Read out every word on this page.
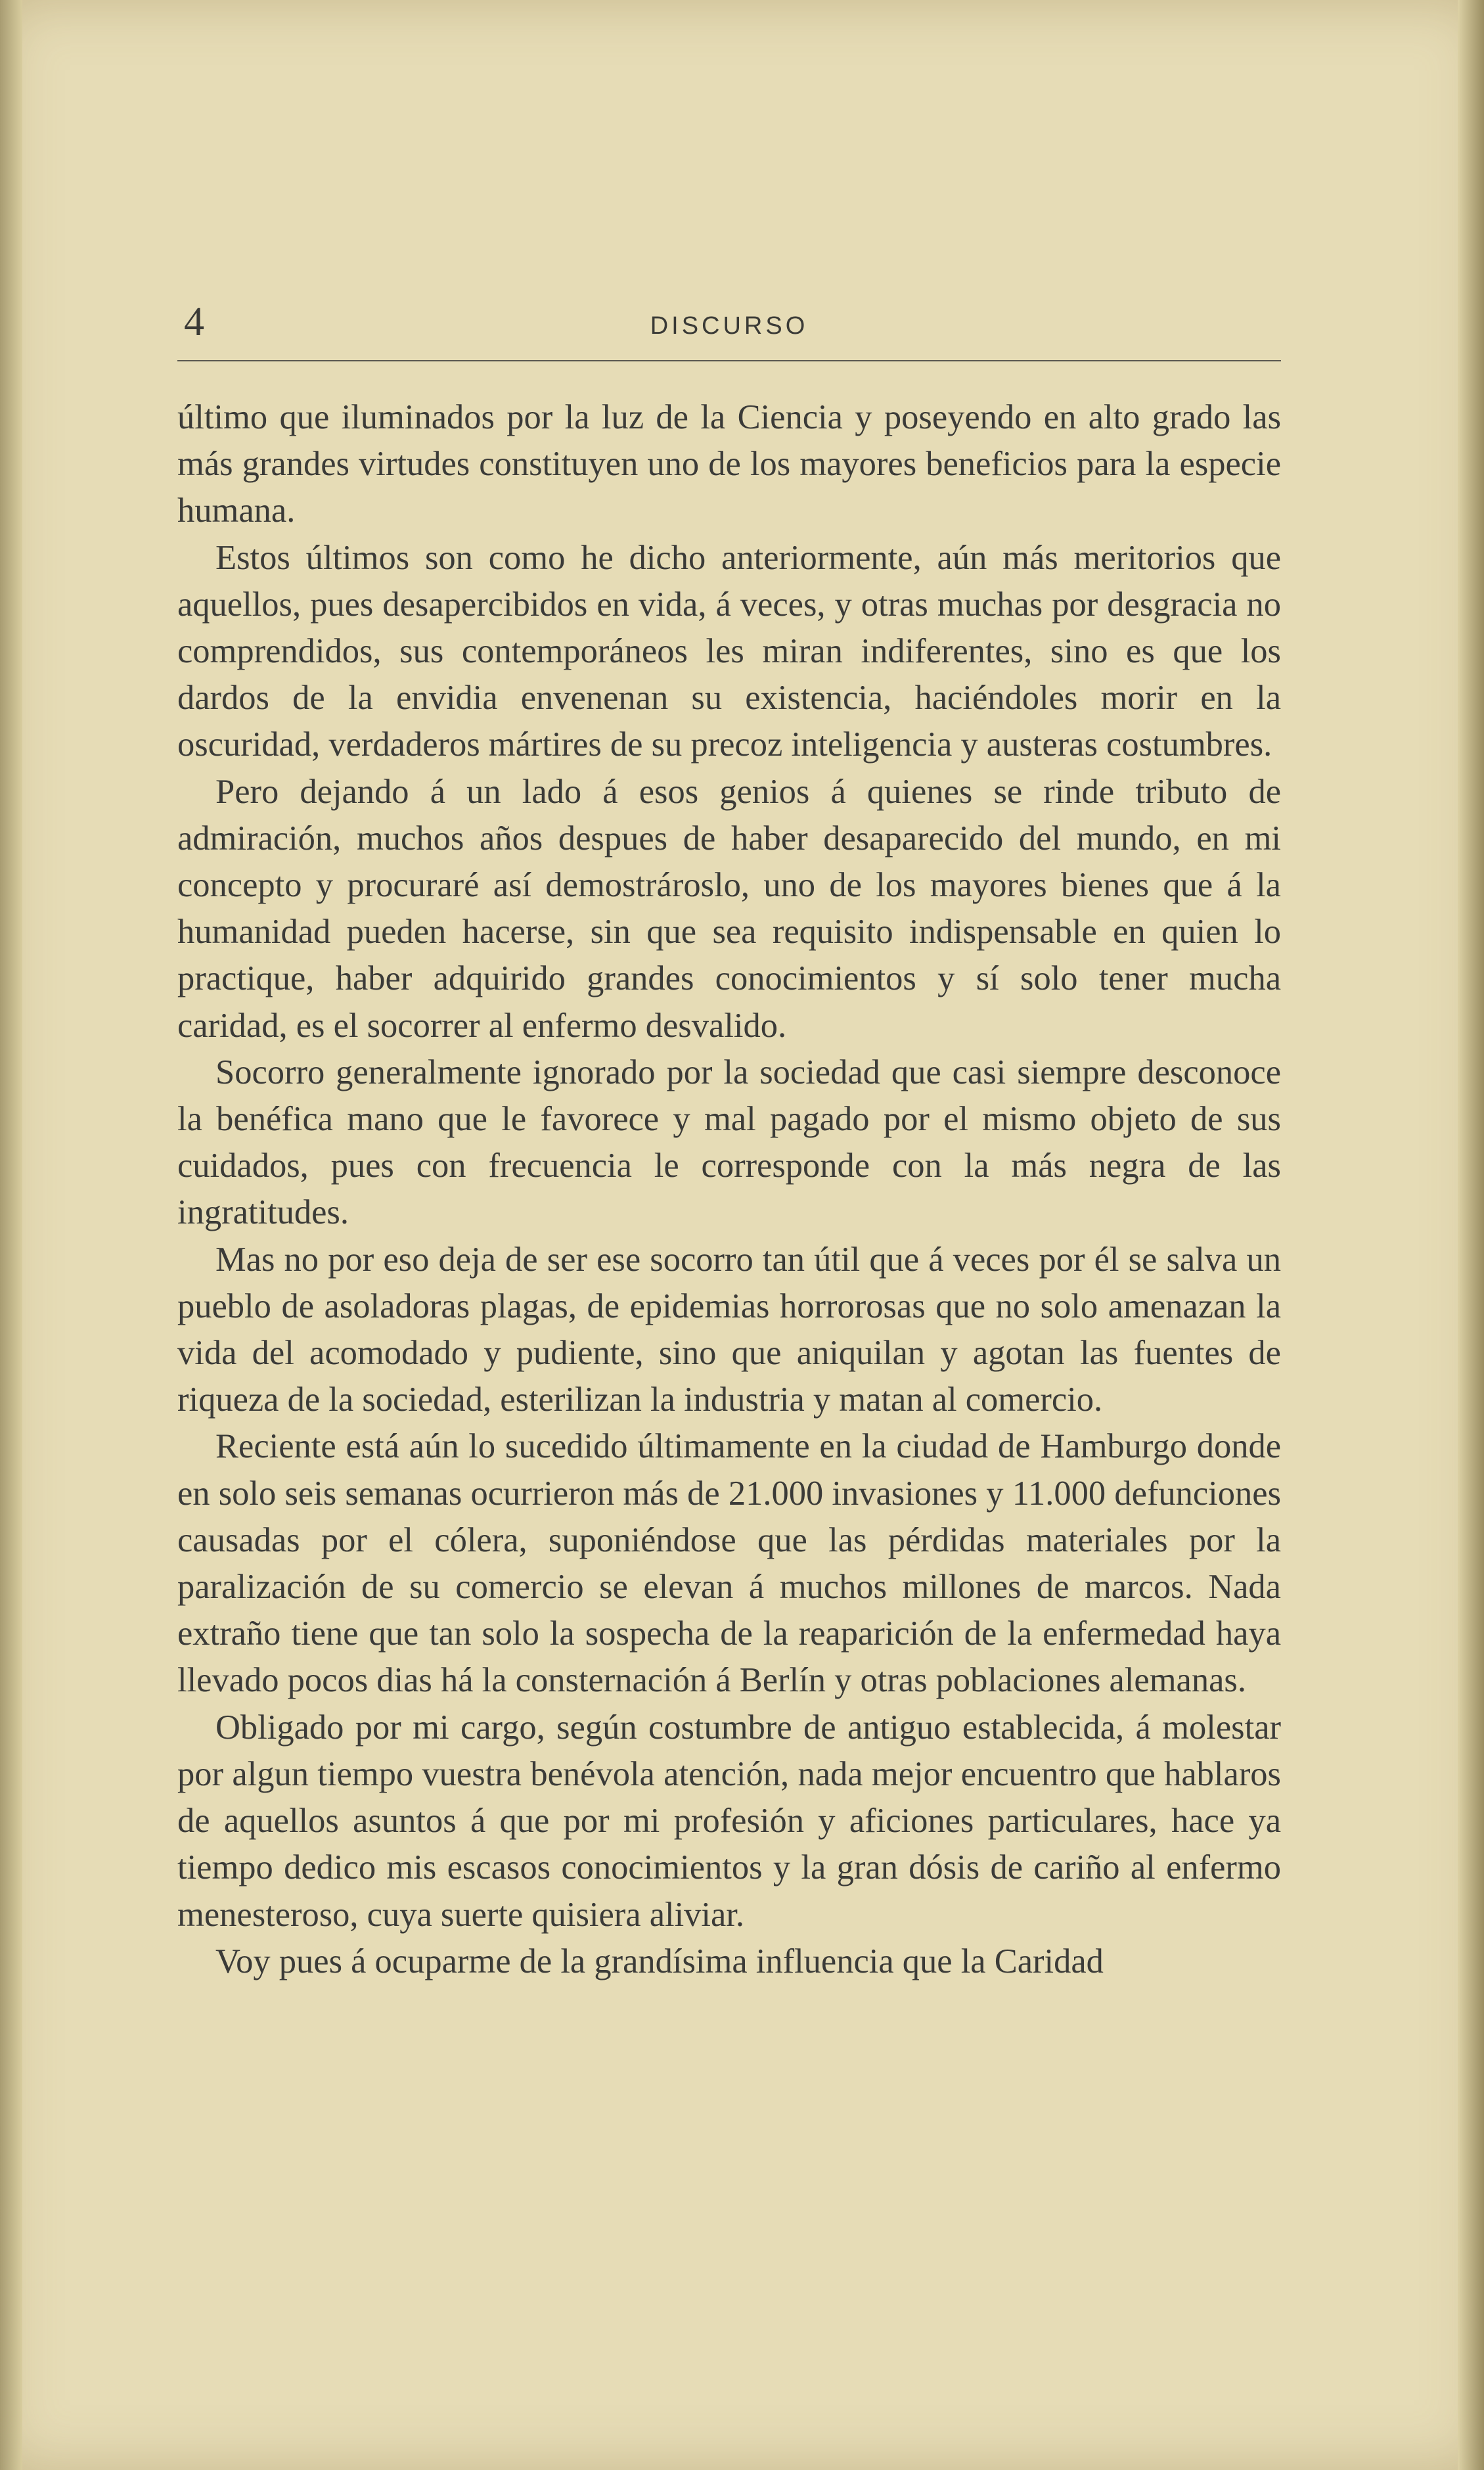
4	DISCURSO

último que iluminados por la luz de la Ciencia y poseyendo en alto grado las más grandes virtudes constituyen uno de los mayores beneficios para la especie humana.

Estos últimos son como he dicho anteriormente, aún más meritorios que aquellos, pues desapercibidos en vida, á veces, y otras muchas por desgracia no comprendidos, sus contemporáneos les miran indiferentes, sino es que los dardos de la envidia envenenan su existencia, haciéndoles morir en la oscuridad, verdaderos mártires de su precoz inteligencia y austeras costumbres.

Pero dejando á un lado á esos genios á quienes se rinde tributo de admiración, muchos años despues de haber desaparecido del mundo, en mi concepto y procuraré así demostrároslo, uno de los mayores bienes que á la humanidad pueden hacerse, sin que sea requisito indispensable en quien lo practique, haber adquirido grandes conocimientos y sí solo tener mucha caridad, es el socorrer al enfermo desvalido.

Socorro generalmente ignorado por la sociedad que casi siempre desconoce la benéfica mano que le favorece y mal pagado por el mismo objeto de sus cuidados, pues con frecuencia le corresponde con la más negra de las ingratitudes.

Mas no por eso deja de ser ese socorro tan útil que á veces por él se salva un pueblo de asoladoras plagas, de epidemias horrorosas que no solo amenazan la vida del acomodado y pudiente, sino que aniquilan y agotan las fuentes de riqueza de la sociedad, esterilizan la industria y matan al comercio.

Reciente está aún lo sucedido últimamente en la ciudad de Hamburgo donde en solo seis semanas ocurrieron más de 21.000 invasiones y 11.000 defunciones causadas por el cólera, suponiéndose que las pérdidas materiales por la paralización de su comercio se elevan á muchos millones de marcos. Nada extraño tiene que tan solo la sospecha de la reaparición de la enfermedad haya llevado pocos dias há la consternación á Berlín y otras poblaciones alemanas.

Obligado por mi cargo, según costumbre de antiguo establecida, á molestar por algun tiempo vuestra benévola atención, nada mejor encuentro que hablaros de aquellos asuntos á que por mi profesión y aficiones particulares, hace ya tiempo dedico mis escasos conocimientos y la gran dósis de cariño al enfermo menesteroso, cuya suerte quisiera aliviar.

Voy pues á ocuparme de la grandísima influencia que la Caridad
